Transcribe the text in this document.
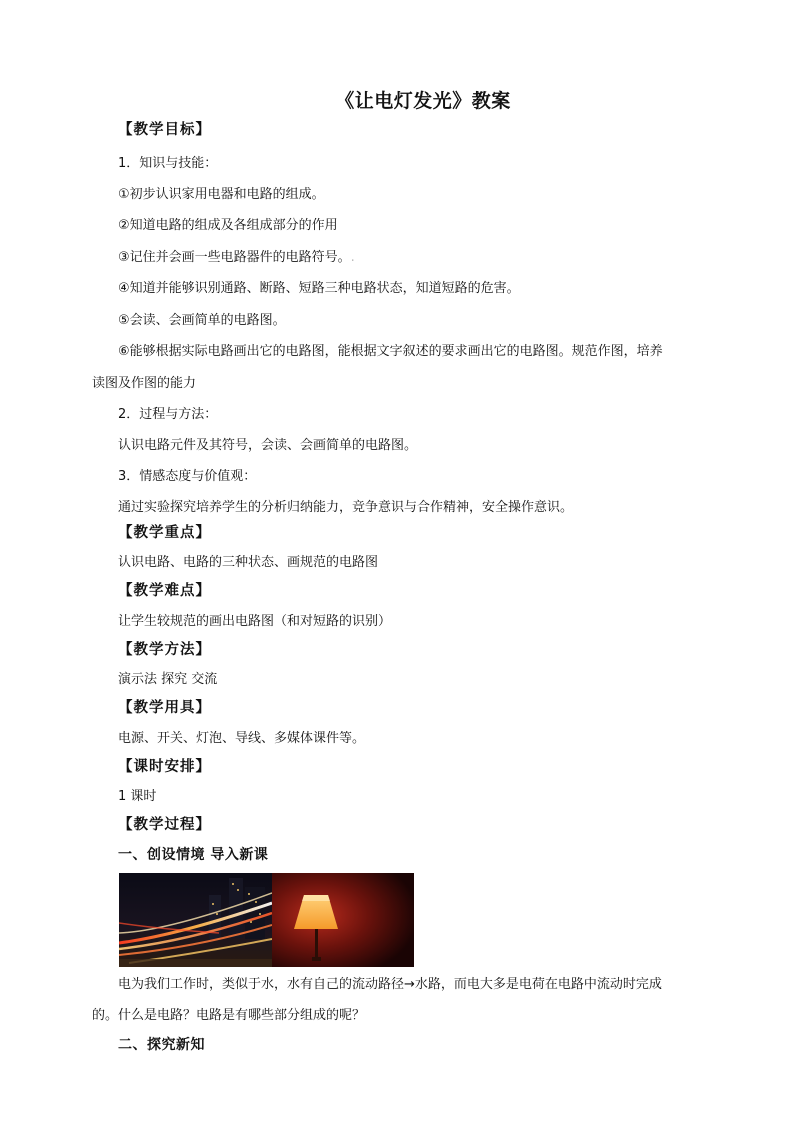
《让电灯发光》教案
【教学目标】
1．知识与技能：
①初步认识家用电器和电路的组成。
②知道电路的组成及各组成部分的作用
③记住并会画一些电路器件的电路符号。.
④知道并能够识别通路、断路、短路三种电路状态，知道短路的危害。
⑤会读、会画简单的电路图。
⑥能够根据实际电路画出它的电路图，能根据文字叙述的要求画出它的电路图。规范作图，培养
读图及作图的能力
2．过程与方法：
认识电路元件及其符号，会读、会画简单的电路图。
3．情感态度与价值观：
通过实验探究培养学生的分析归纳能力，竞争意识与合作精神，安全操作意识。
【教学重点】
认识电路、电路的三种状态、画规范的电路图
【教学难点】
让学生较规范的画出电路图（和对短路的识别）
【教学方法】
演示法 探究 交流
【教学用具】
电源、开关、灯泡、导线、多媒体课件等。
【课时安排】
1 课时
【教学过程】
一、创设情境 导入新课
电为我们工作时，类似于水，水有自己的流动路径→水路，而电大多是电荷在电路中流动时完成
的。什么是电路？电路是有哪些部分组成的呢？
二、探究新知
